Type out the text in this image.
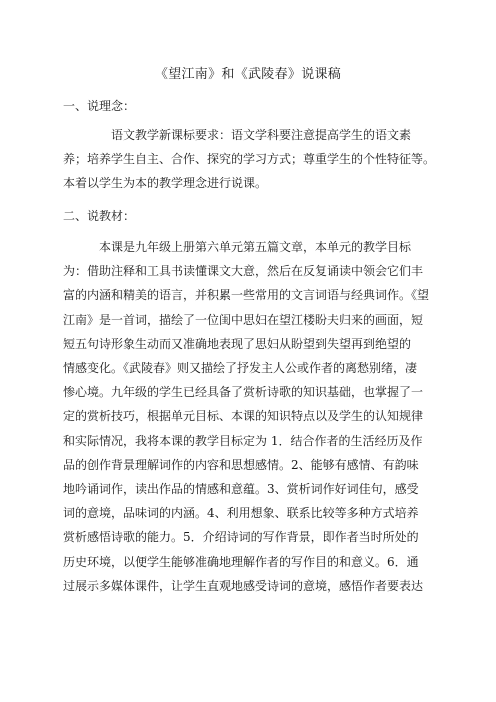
《望江南》和《武陵春》说课稿
一、说理念：

　　　　语文教学新课标要求：语文学科要注意提高学生的语文素

养；培养学生自主、合作、探究的学习方式；尊重学生的个性特征等。

本着以学生为本的教学理念进行说课。

二、说教材：

　　　本课是九年级上册第六单元第五篇文章，本单元的教学目标

为：借助注释和工具书读懂课文大意，然后在反复诵读中领会它们丰

富的内涵和精美的语言，并积累一些常用的文言词语与经典词作。《望

江南》是一首词，描绘了一位闺中思妇在望江楼盼夫归来的画面，短

短五句诗形象生动而又准确地表现了思妇从盼望到失望再到绝望的

情感变化。《武陵春》则又描绘了抒发主人公或作者的离愁别绪，凄

惨心境。九年级的学生已经具备了赏析诗歌的知识基础，也掌握了一

定的赏析技巧，根据单元目标、本课的知识特点以及学生的认知规律

和实际情况，我将本课的教学目标定为 1．结合作者的生活经历及作

品的创作背景理解词作的内容和思想感情。2、能够有感情、有韵味

地吟诵词作，读出作品的情感和意蕴。3、赏析词作好词佳句，感受

词的意境，品味词的内涵。4、利用想象、联系比较等多种方式培养

赏析感悟诗歌的能力。5．介绍诗词的写作背景，即作者当时所处的

历史环境，以便学生能够准确地理解作者的写作目的和意义。6．通

过展示多媒体课件，让学生直观地感受诗词的意境，感悟作者要表达
